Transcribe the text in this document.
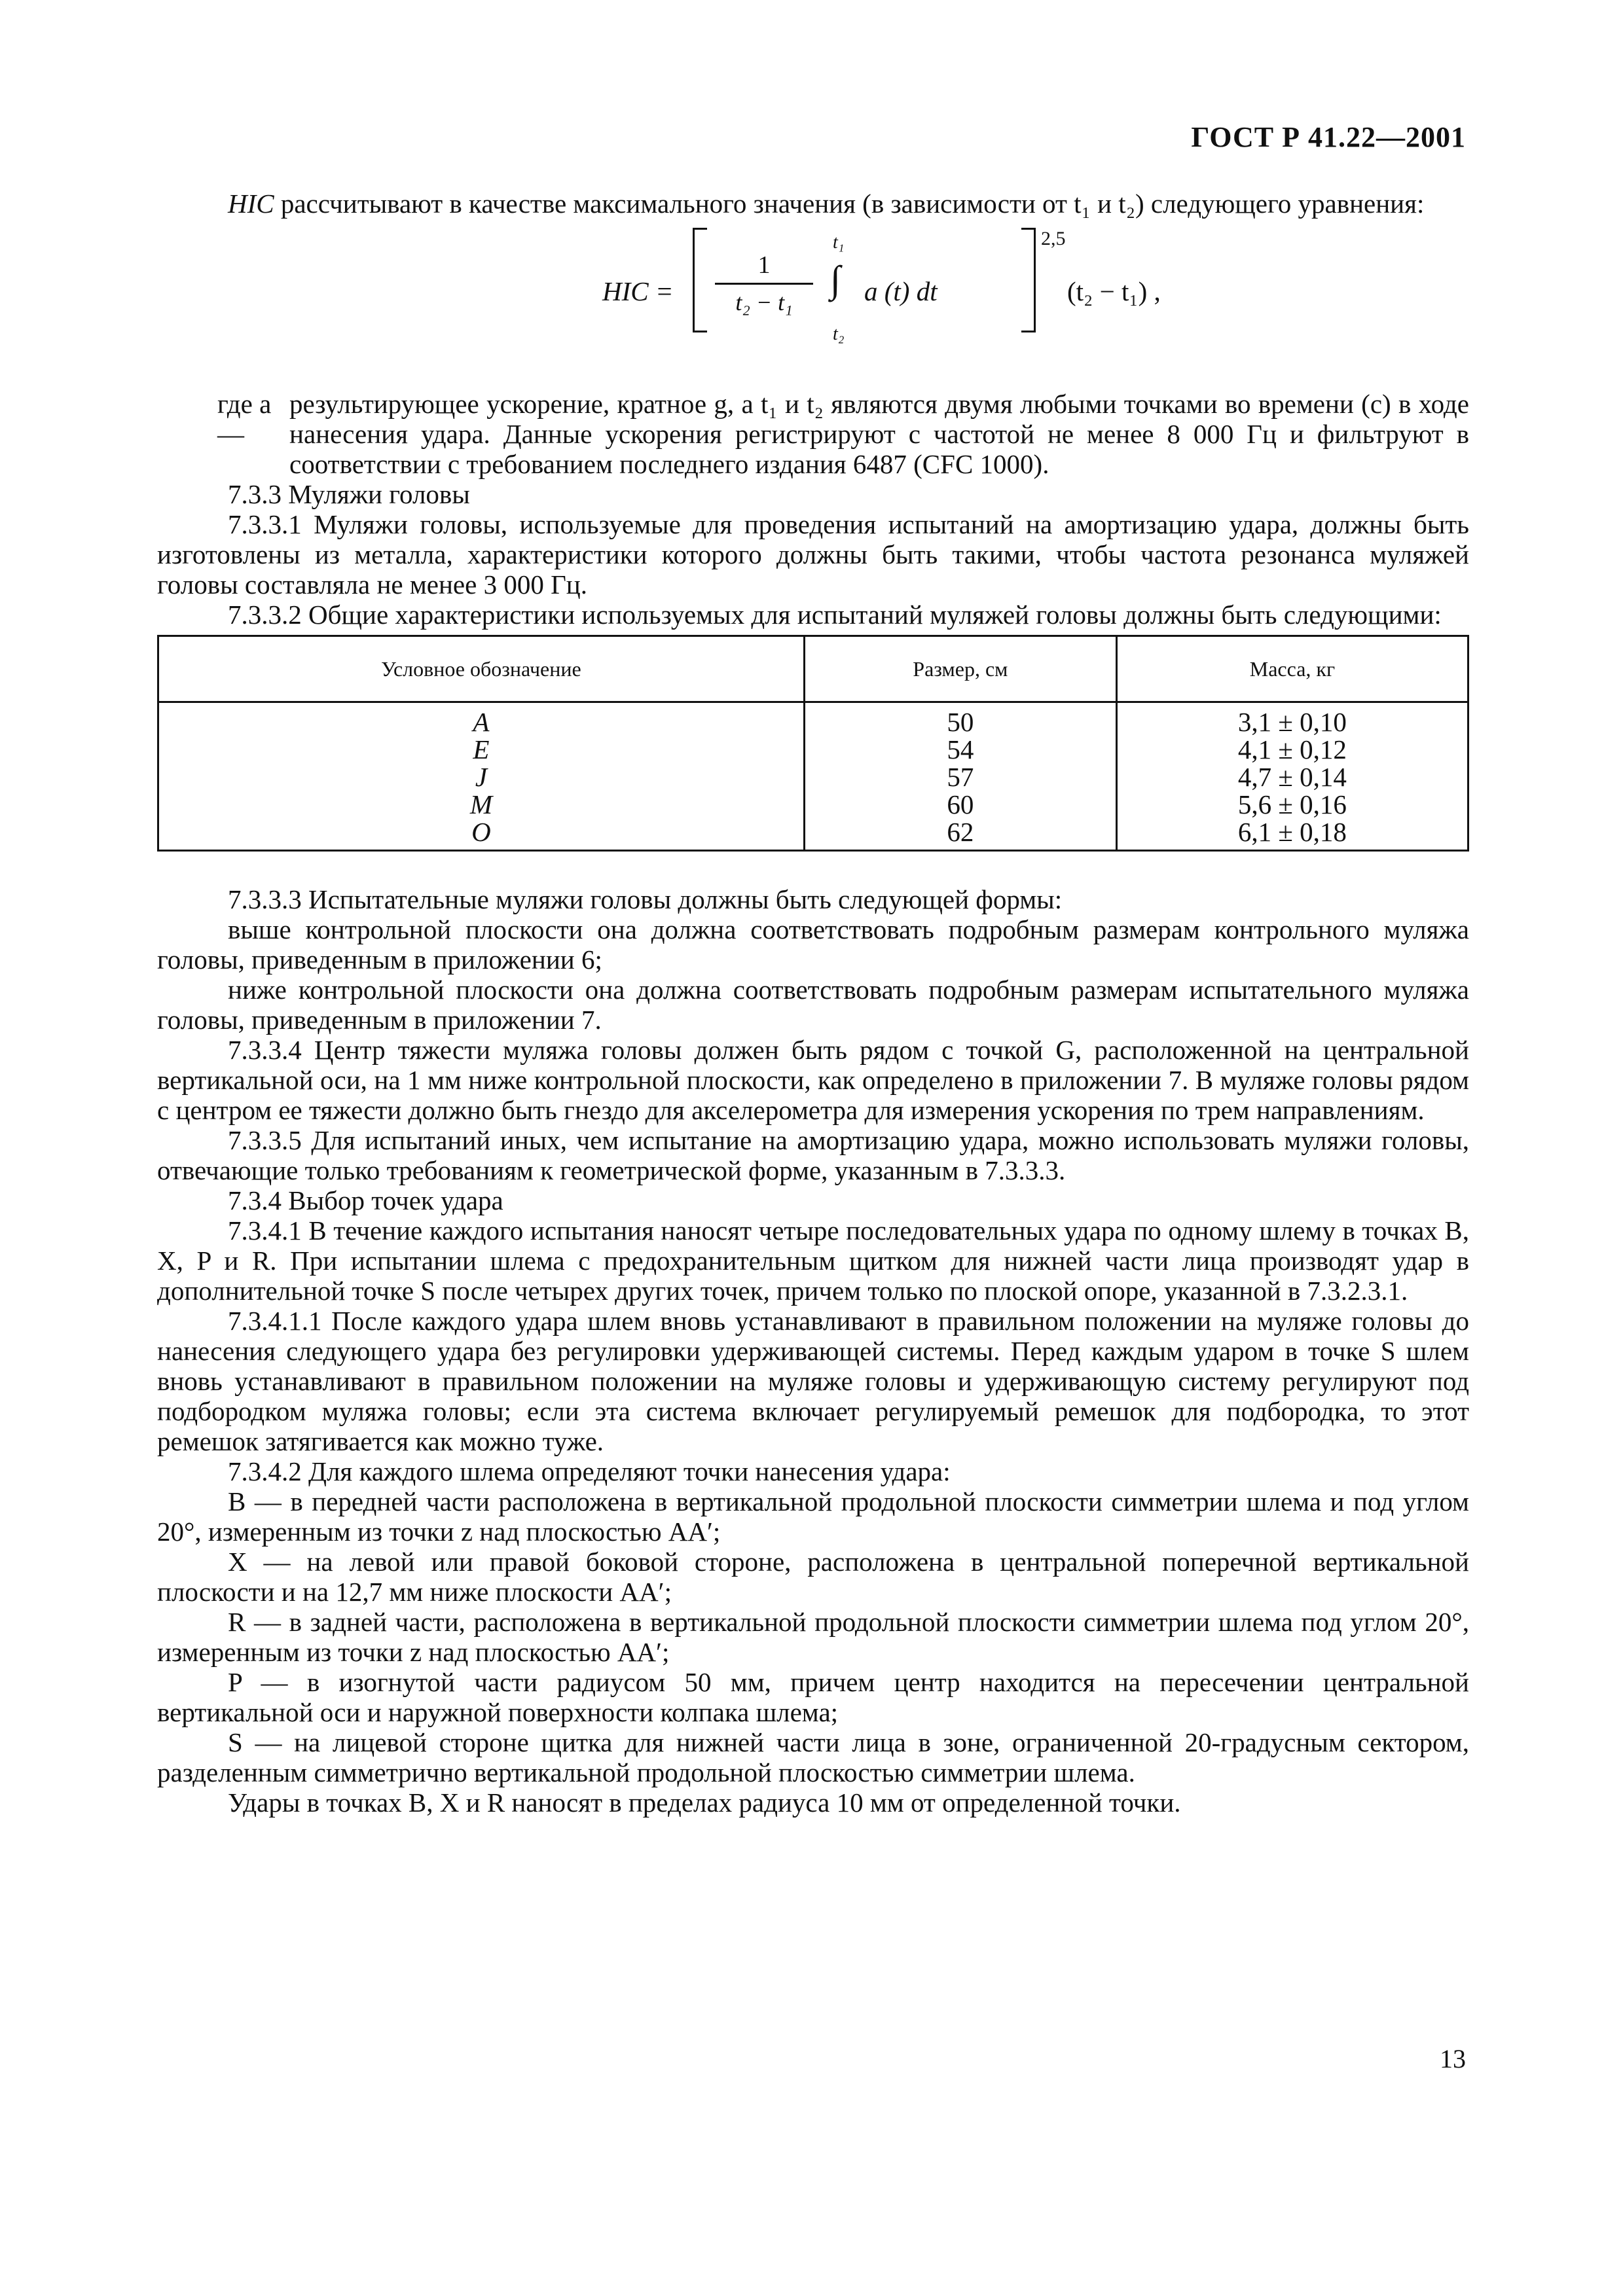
ГОСТ Р 41.22—2001

HIC рассчитывают в качестве максимального значения (в зависимости от t₁ и t₂) следующего уравнения:

HIC =
1
t₂ − t₁
t₁
∫
t₂
a (t) dt
2,5
(t₂ − t₁) ,
где a —
результирующее ускорение, кратное g, а t₁ и t₂ являются двумя любыми точками во времени (с) в ходе нанесения удара. Данные ускорения регистрируют с частотой не менее 8 000 Гц и фильтруют в соответствии с требованием последнего издания 6487 (CFC 1000).

7.3.3 Муляжи головы

7.3.3.1 Муляжи головы, используемые для проведения испытаний на амортизацию удара, должны быть изготовлены из металла, характеристики которого должны быть такими, чтобы частота резонанса муляжей головы составляла не менее 3 000 Гц.

7.3.3.2 Общие характеристики используемых для испытаний муляжей головы должны быть следующими:

Условное обозначение	Размер, см	Масса, кг
A	50	3,1 ± 0,10
E	54	4,1 ± 0,12
J	57	4,7 ± 0,14
M	60	5,6 ± 0,16
O	62	6,1 ± 0,18

7.3.3.3 Испытательные муляжи головы должны быть следующей формы:

выше контрольной плоскости она должна соответствовать подробным размерам контрольного муляжа головы, приведенным в приложении 6;

ниже контрольной плоскости она должна соответствовать подробным размерам испытательного муляжа головы, приведенным в приложении 7.

7.3.3.4 Центр тяжести муляжа головы должен быть рядом с точкой G, расположенной на центральной вертикальной оси, на 1 мм ниже контрольной плоскости, как определено в приложении 7. В муляже головы рядом с центром ее тяжести должно быть гнездо для акселерометра для измерения ускорения по трем направлениям.

7.3.3.5 Для испытаний иных, чем испытание на амортизацию удара, можно использовать муляжи головы, отвечающие только требованиям к геометрической форме, указанным в 7.3.3.3.

7.3.4 Выбор точек удара

7.3.4.1 В течение каждого испытания наносят четыре последовательных удара по одному шлему в точках B, X, P и R. При испытании шлема с предохранительным щитком для нижней части лица производят удар в дополнительной точке S после четырех других точек, причем только по плоской опоре, указанной в 7.3.2.3.1.

7.3.4.1.1 После каждого удара шлем вновь устанавливают в правильном положении на муляже головы до нанесения следующего удара без регулировки удерживающей системы. Перед каждым ударом в точке S шлем вновь устанавливают в правильном положении на муляже головы и удерживающую систему регулируют под подбородком муляжа головы; если эта система включает регулируемый ремешок для подбородка, то этот ремешок затягивается как можно туже.

7.3.4.2 Для каждого шлема определяют точки нанесения удара:

B — в передней части расположена в вертикальной продольной плоскости симметрии шлема и под углом 20°, измеренным из точки z над плоскостью AA′;

X — на левой или правой боковой стороне, расположена в центральной поперечной вертикальной плоскости и на 12,7 мм ниже плоскости AA′;

R — в задней части, расположена в вертикальной продольной плоскости симметрии шлема под углом 20°, измеренным из точки z над плоскостью AA′;

P — в изогнутой части радиусом 50 мм, причем центр находится на пересечении центральной вертикальной оси и наружной поверхности колпака шлема;

S — на лицевой стороне щитка для нижней части лица в зоне, ограниченной 20-градусным сектором, разделенным симметрично вертикальной продольной плоскостью симметрии шлема.

Удары в точках B, X и R наносят в пределах радиуса 10 мм от определенной точки.

13
